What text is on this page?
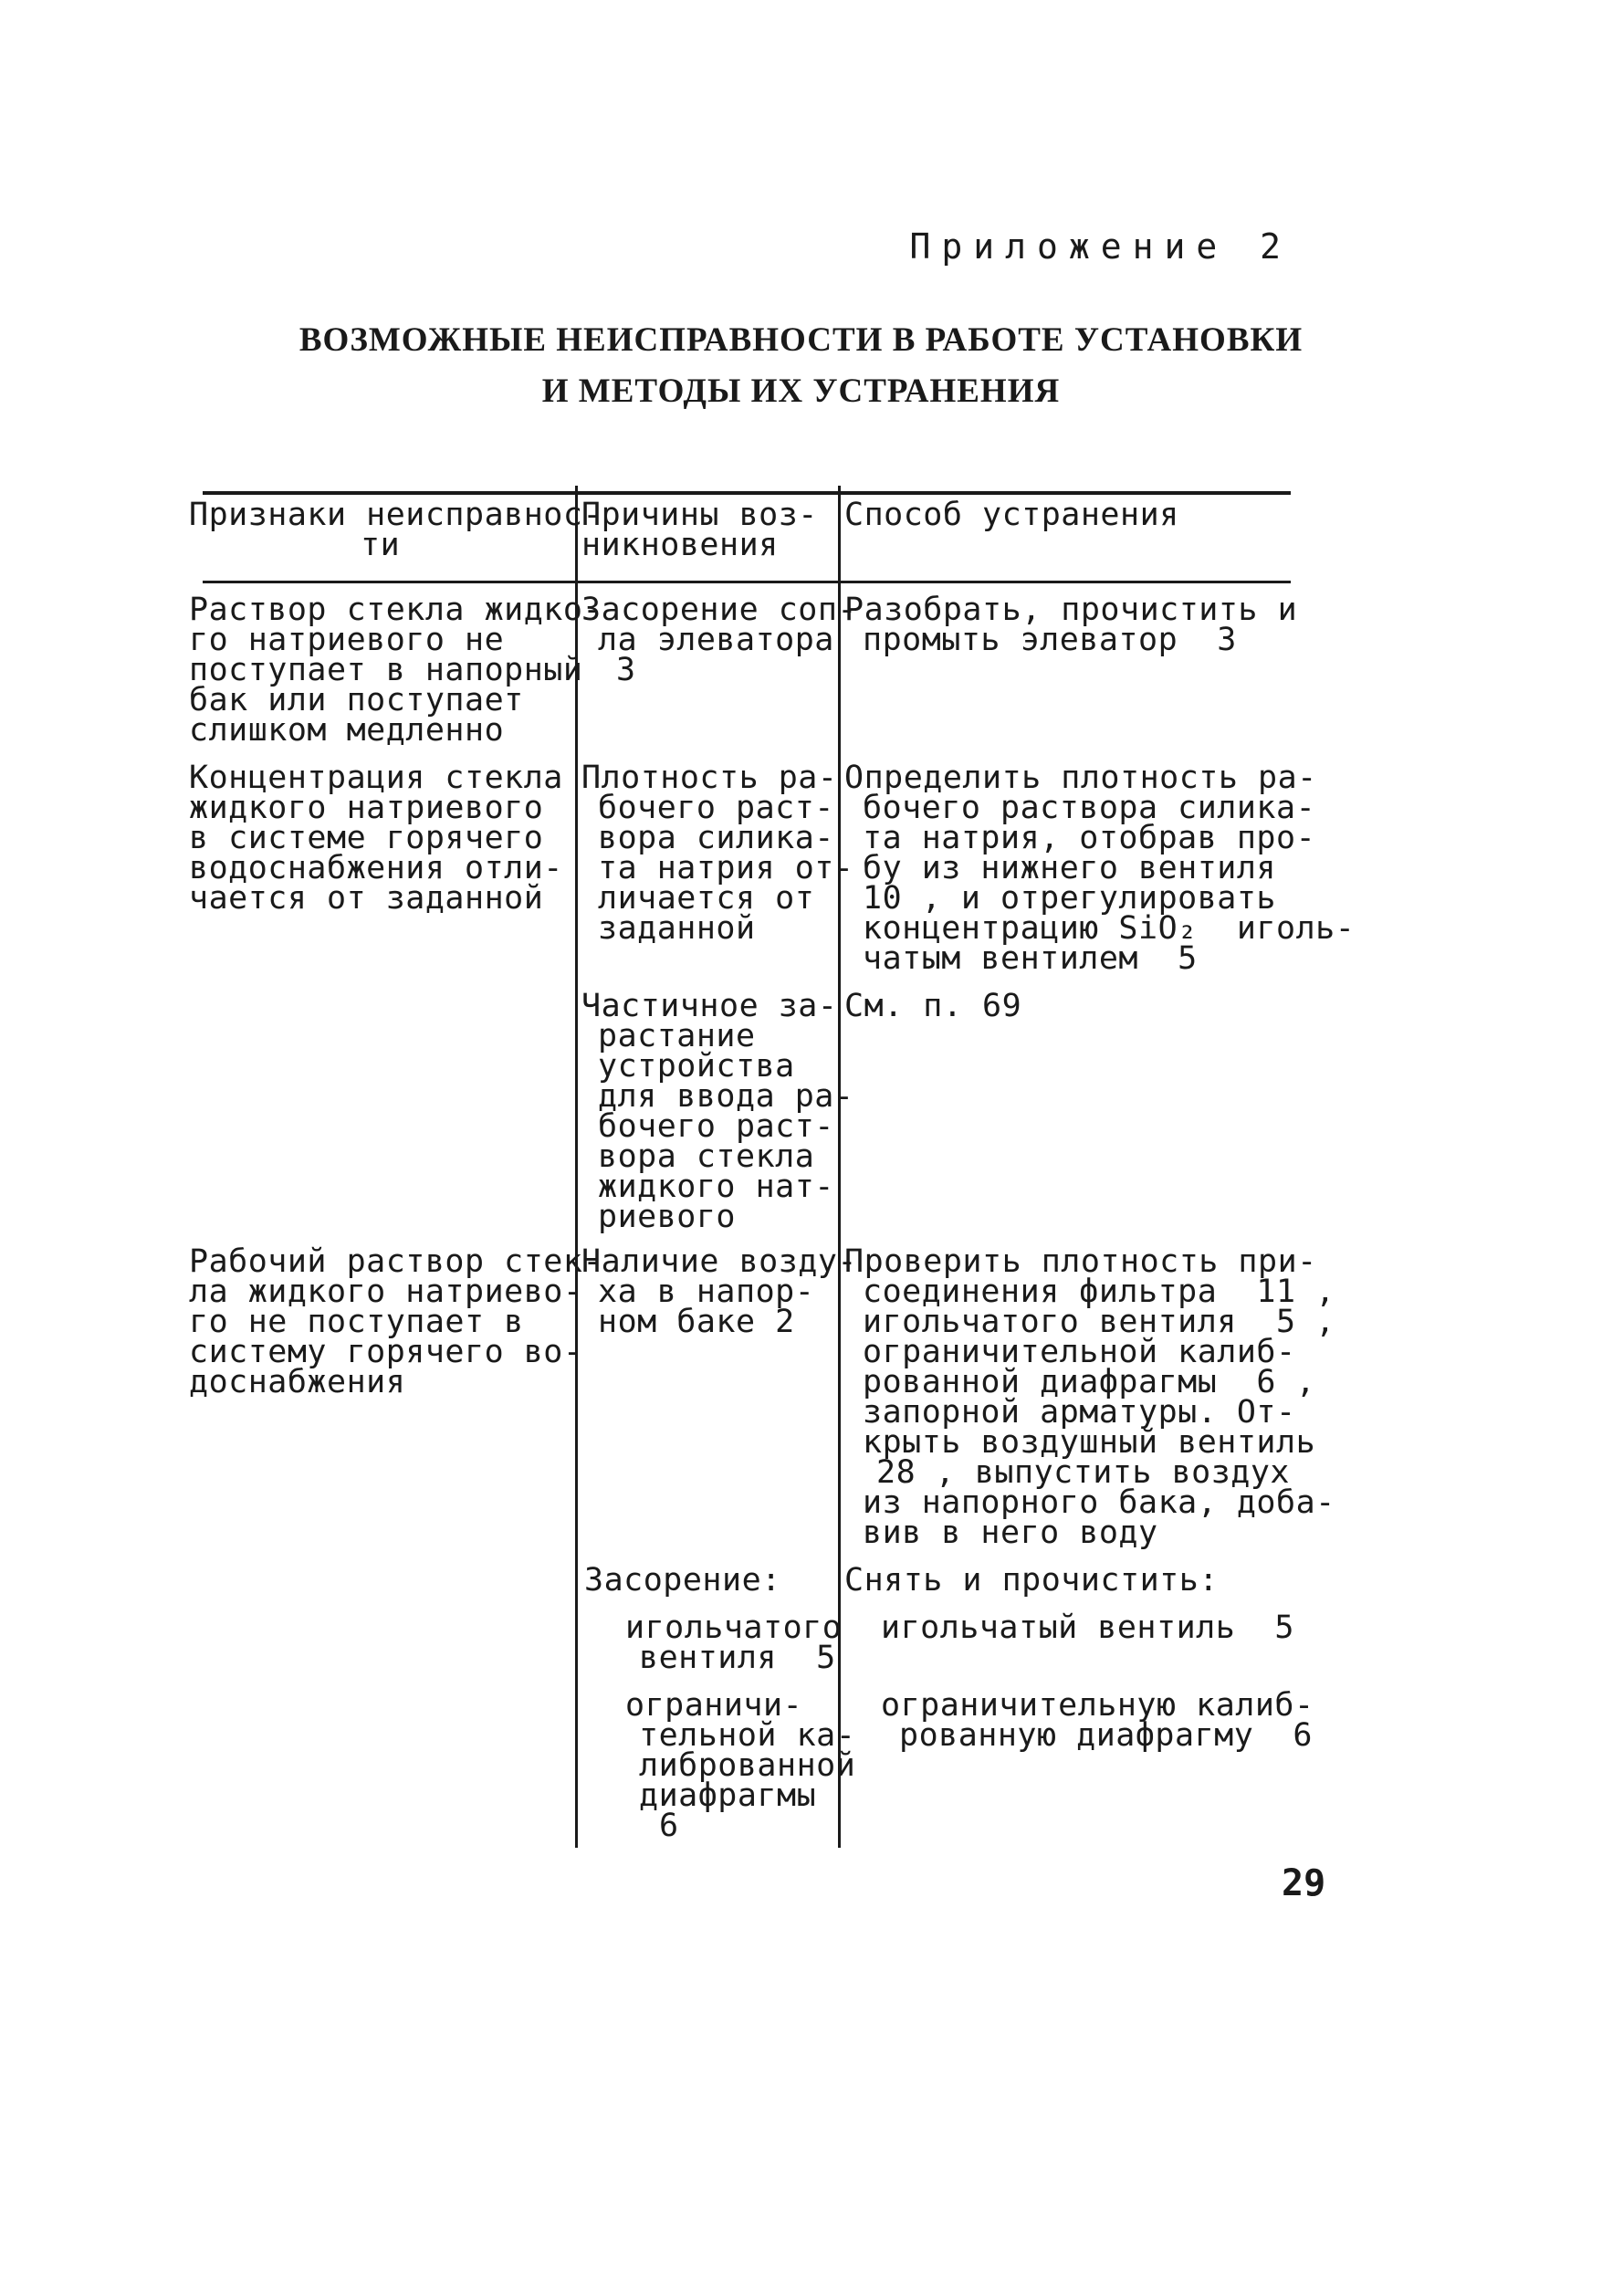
Приложение 2
ВОЗМОЖНЫЕ НЕИСПРАВНОСТИ В РАБОТЕ УСТАНОВКИ
И МЕТОДЫ ИХ УСТРАНЕНИЯ
Признаки неисправнос-
ти
Причины воз-
никновения
Способ устранения
Раствор стекла жидко-
го натриевого не
поступает в напорный
бак или поступает
слишком медленно
Засорение соп-
ла элеватора
3
Разобрать, прочистить и
промыть элеватор  3
Концентрация стекла
жидкого натриевого
в системе горячего
водоснабжения отли-
чается от заданной
Плотность ра-
бочего раст-
вора силика-
та натрия от-
личается от
заданной
Определить плотность ра-
бочего раствора силика-
та натрия, отобрав про-
бу из нижнего вентиля
10 , и отрегулировать
концентрацию SiO₂  иголь-
чатым вентилем  5
Частичное за-
растание
устройства
для ввода ра-
бочего раст-
вора стекла
жидкого нат-
риевого
См. п. 69
Рабочий раствор стек-
ла жидкого натриево-
го не поступает в
систему горячего во-
доснабжения
Наличие возду-
ха в напор-
ном баке 2
Проверить плотность при-
соединения фильтра  11 ,
игольчатого вентиля  5 ,
ограничительной калиб-
рованной диафрагмы  6 ,
запорной арматуры. От-
крыть воздушный вентиль
28 , выпустить воздух
из напорного бака, доба-
вив в него воду
Засорение: Снять и прочистить:
игольчатого
вентиля  5
игольчатый вентиль  5
ограничи-
тельной ка-
либрованной
диафрагмы
6
ограничительную калиб-
рованную диафрагму  6
29
